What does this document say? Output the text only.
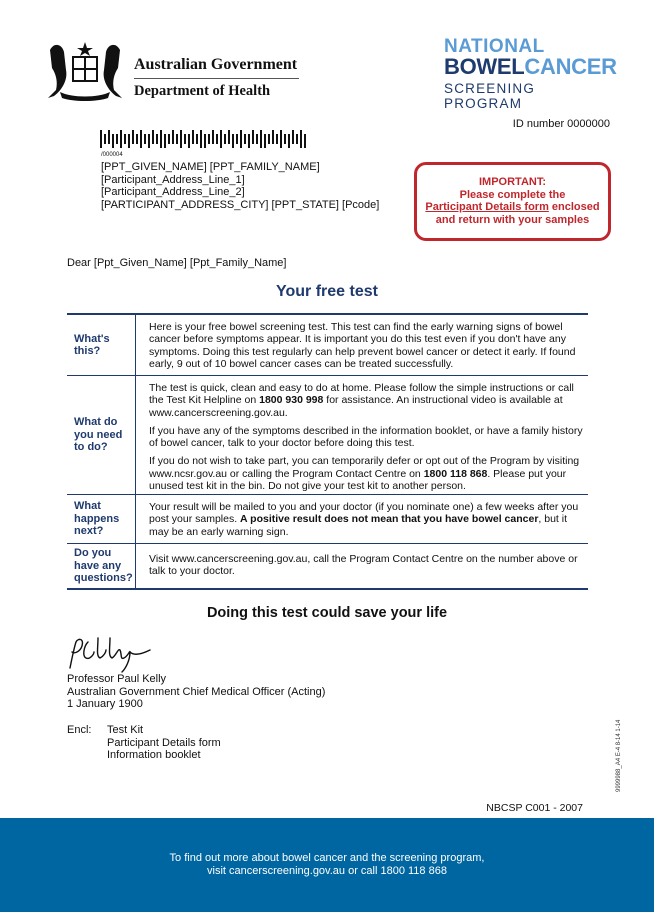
Australian Government
Department of Health
NATIONAL
BOWELCANCER
SCREENING PROGRAM
ID number 0000000
/000004
[PPT_GIVEN_NAME] [PPT_FAMILY_NAME]
[Participant_Address_Line_1]
[Participant_Address_Line_2]
[PARTICIPANT_ADDRESS_CITY] [PPT_STATE] [Pcode]
IMPORTANT:
Please complete the
Participant Details form enclosed
and return with your samples
Dear [Ppt_Given_Name] [Ppt_Family_Name]
Your free test
What's this?

Here is your free bowel screening test. This test can find the early warning signs of bowel cancer before symptoms appear. It is important you do this test even if you don't have any symptoms. Doing this test regularly can help prevent bowel cancer or detect it early. If found early, 9 out of 10 bowel cancer cases can be treated successfully.

What do you need to do?

The test is quick, clean and easy to do at home. Please follow the simple instructions or call the Test Kit Helpline on 1800 930 998 for assistance. An instructional video is available at www.cancerscreening.gov.au.

If you have any of the symptoms described in the information booklet, or have a family history of bowel cancer, talk to your doctor before doing this test.

If you do not wish to take part, you can temporarily defer or opt out of the Program by visiting www.ncsr.gov.au or calling the Program Contact Centre on 1800 118 868. Please put your unused test kit in the bin. Do not give your test kit to another person.

What happens next?

Your result will be mailed to you and your doctor (if you nominate one) a few weeks after you post your samples. A positive result does not mean that you have bowel cancer, but it may be an early warning sign.

Do you have any questions?

Visit www.cancerscreening.gov.au, call the Program Contact Centre on the number above or talk to your doctor.

Doing this test could save your life
Professor Paul Kelly
Australian Government Chief Medical Officer (Acting)
1 January 1900
Encl:	Test Kit
Participant Details form
Information booklet	9999988_A4 E-4 8-14 1-14
NBCSP C001 - 2007
To find out more about bowel cancer and the screening program,
visit cancerscreening.gov.au or call 1800 118 868
